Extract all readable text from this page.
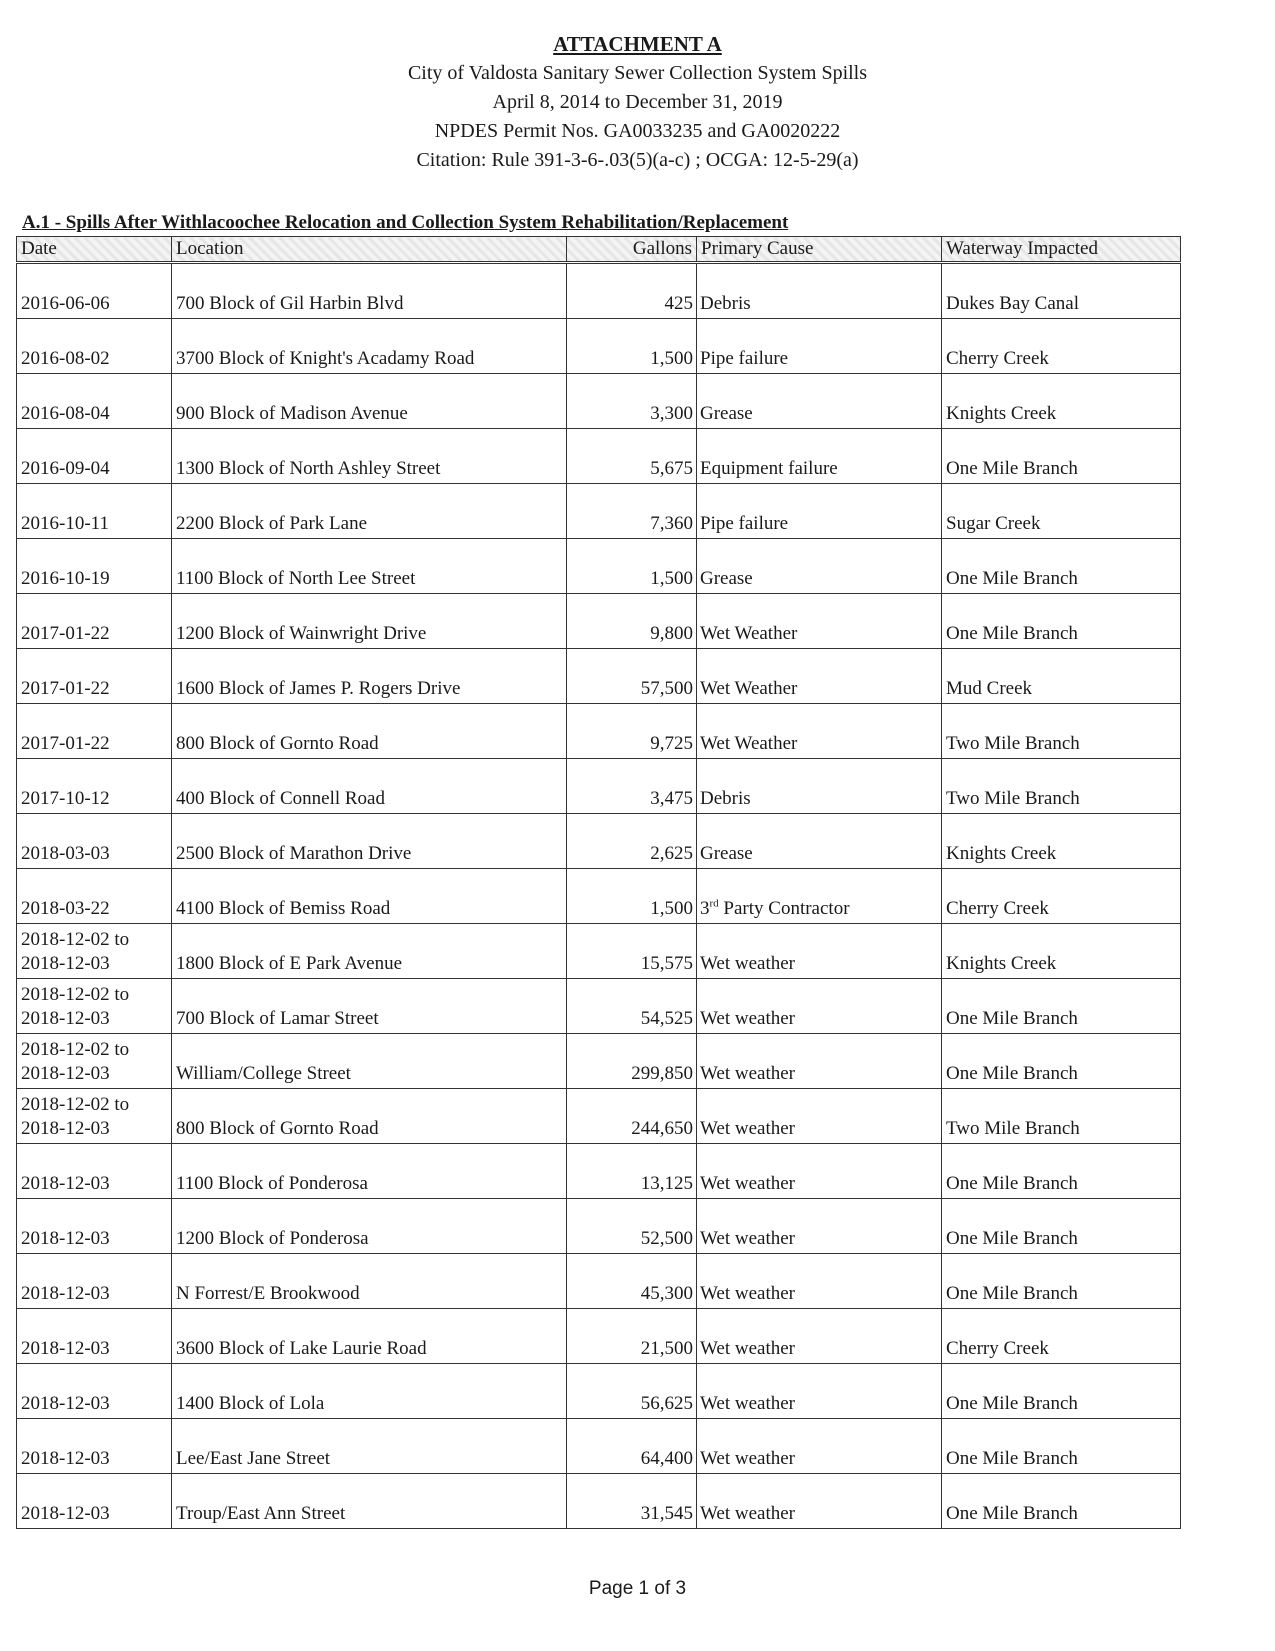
ATTACHMENT A
City of Valdosta Sanitary Sewer Collection System Spills
April 8, 2014 to December 31, 2019
NPDES Permit Nos. GA0033235 and GA0020222
Citation: Rule 391-3-6-.03(5)(a-c) ; OCGA: 12-5-29(a)
A.1 - Spills After Withlacoochee Relocation and Collection System Rehabilitation/Replacement
Date	Location	Gallons	Primary Cause	Waterway Impacted
2016-06-06	700 Block of Gil Harbin Blvd	425	Debris	Dukes Bay Canal
2016-08-02	3700 Block of Knight's Acadamy Road	1,500	Pipe failure	Cherry Creek
2016-08-04	900 Block of Madison Avenue	3,300	Grease	Knights Creek
2016-09-04	1300 Block of North Ashley Street	5,675	Equipment failure	One Mile Branch
2016-10-11	2200 Block of Park Lane	7,360	Pipe failure	Sugar Creek
2016-10-19	1100 Block of North Lee Street	1,500	Grease	One Mile Branch
2017-01-22	1200 Block of Wainwright Drive	9,800	Wet Weather	One Mile Branch
2017-01-22	1600 Block of James P. Rogers Drive	57,500	Wet Weather	Mud Creek
2017-01-22	800 Block of Gornto Road	9,725	Wet Weather	Two Mile Branch
2017-10-12	400 Block of Connell Road	3,475	Debris	Two Mile Branch
2018-03-03	2500 Block of Marathon Drive	2,625	Grease	Knights Creek
2018-03-22	4100 Block of Bemiss Road	1,500	3rd Party Contractor	Cherry Creek
2018-12-02 to 2018-12-03	1800 Block of E Park Avenue	15,575	Wet weather	Knights Creek
2018-12-02 to 2018-12-03	700 Block of Lamar Street	54,525	Wet weather	One Mile Branch
2018-12-02 to 2018-12-03	William/College Street	299,850	Wet weather	One Mile Branch
2018-12-02 to 2018-12-03	800 Block of Gornto Road	244,650	Wet weather	Two Mile Branch
2018-12-03	1100 Block of Ponderosa	13,125	Wet weather	One Mile Branch
2018-12-03	1200 Block of Ponderosa	52,500	Wet weather	One Mile Branch
2018-12-03	N Forrest/E Brookwood	45,300	Wet weather	One Mile Branch
2018-12-03	3600 Block of Lake Laurie Road	21,500	Wet weather	Cherry Creek
2018-12-03	1400 Block of Lola	56,625	Wet weather	One Mile Branch
2018-12-03	Lee/East Jane Street	64,400	Wet weather	One Mile Branch
2018-12-03	Troup/East Ann Street	31,545	Wet weather	One Mile Branch
Page 1 of 3
